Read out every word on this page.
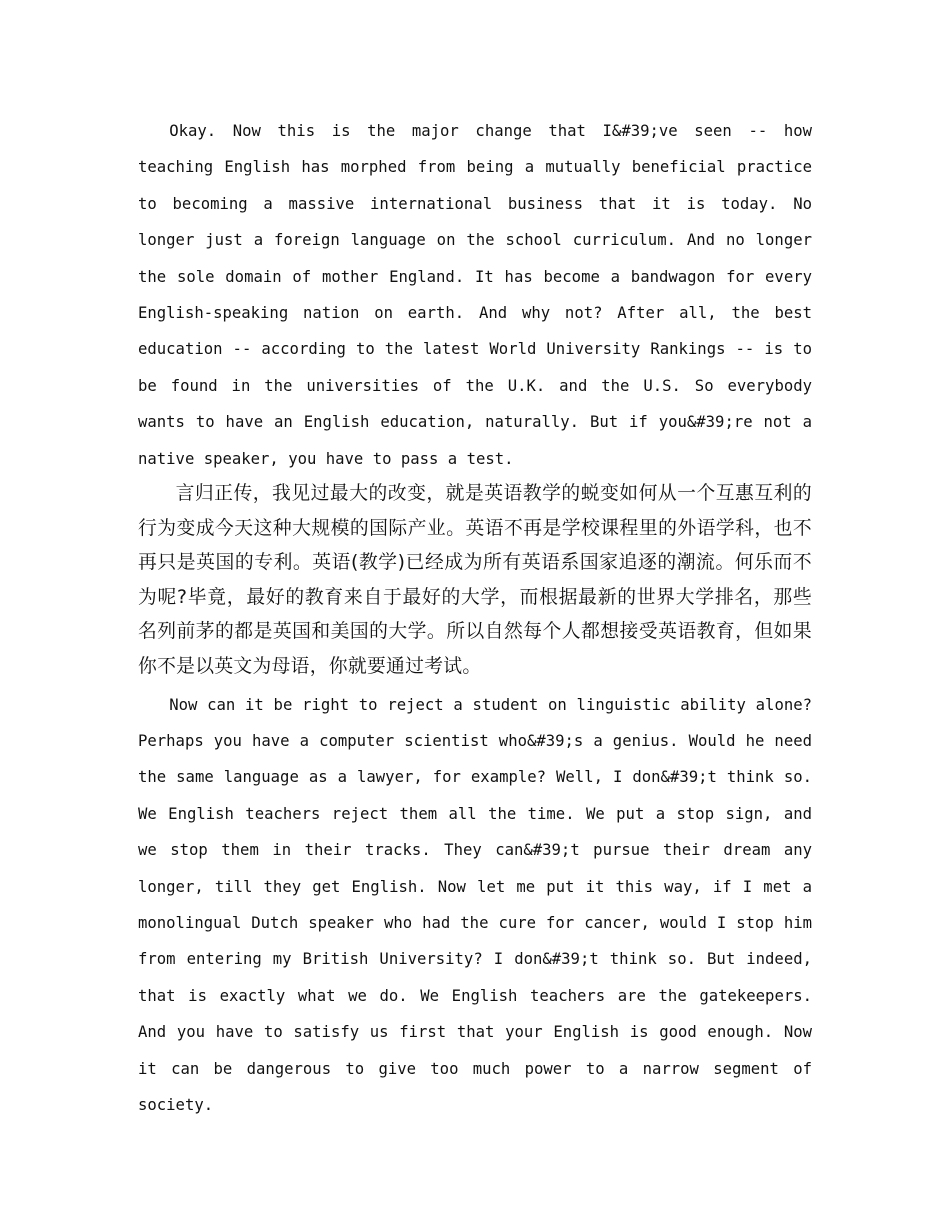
Okay. Now this is the major change that I&#39;ve seen -- how teaching English has morphed from being a mutually beneficial practice to becoming a massive international business that it is today. No longer just a foreign language on the school curriculum. And no longer the sole domain of mother England. It has become a bandwagon for every English-speaking nation on earth. And why not? After all, the best education -- according to the latest World University Rankings -- is to be found in the universities of the U.K. and the U.S. So everybody wants to have an English education, naturally. But if you&#39;re not a native speaker, you have to pass a test.

言归正传，我见过最大的改变，就是英语教学的蜕变如何从一个互惠互利的行为变成今天这种大规模的国际产业。英语不再是学校课程里的外语学科，也不再只是英国的专利。英语(教学)已经成为所有英语系国家追逐的潮流。何乐而不为呢?毕竟，最好的教育来自于最好的大学，而根据最新的世界大学排名，那些名列前茅的都是英国和美国的大学。所以自然每个人都想接受英语教育，但如果你不是以英文为母语，你就要通过考试。

Now can it be right to reject a student on linguistic ability alone? Perhaps you have a computer scientist who&#39;s a genius. Would he need the same language as a lawyer, for example? Well, I don&#39;t think so. We English teachers reject them all the time. We put a stop sign, and we stop them in their tracks. They can&#39;t pursue their dream any longer, till they get English. Now let me put it this way, if I met a monolingual Dutch speaker who had the cure for cancer, would I stop him from entering my British University? I don&#39;t think so. But indeed, that is exactly what we do. We English teachers are the gatekeepers. And you have to satisfy us first that your English is good enough. Now it can be dangerous to give too much power to a narrow segment of society.
